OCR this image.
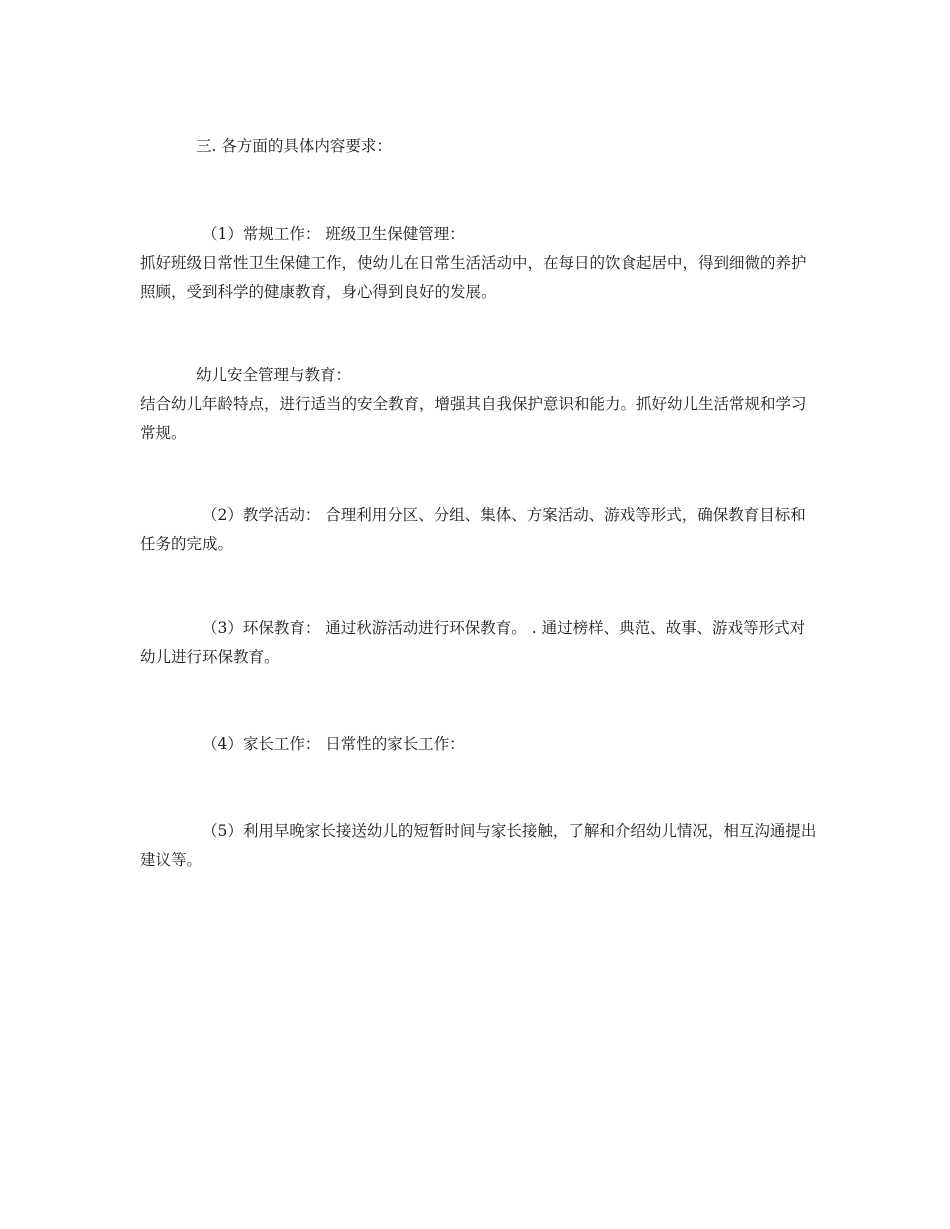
三. 各方面的具体内容要求：

（1）常规工作： 班级卫生保健管理：
抓好班级日常性卫生保健工作，使幼儿在日常生活活动中，在每日的饮食起居中，得到细微的养护照顾，受到科学的健康教育，身心得到良好的发展。
幼儿安全管理与教育：
结合幼儿年龄特点，进行适当的安全教育，增强其自我保护意识和能力。抓好幼儿生活常规和学习常规。

（2）教学活动： 合理利用分区、分组、集体、方案活动、游戏等形式，确保教育目标和任务的完成。

（3）环保教育： 通过秋游活动进行环保教育。 . 通过榜样、典范、故事、游戏等形式对幼儿进行环保教育。

（4）家长工作： 日常性的家长工作：

（5）利用早晚家长接送幼儿的短暂时间与家长接触，了解和介绍幼儿情况，相互沟通提出建议等。
